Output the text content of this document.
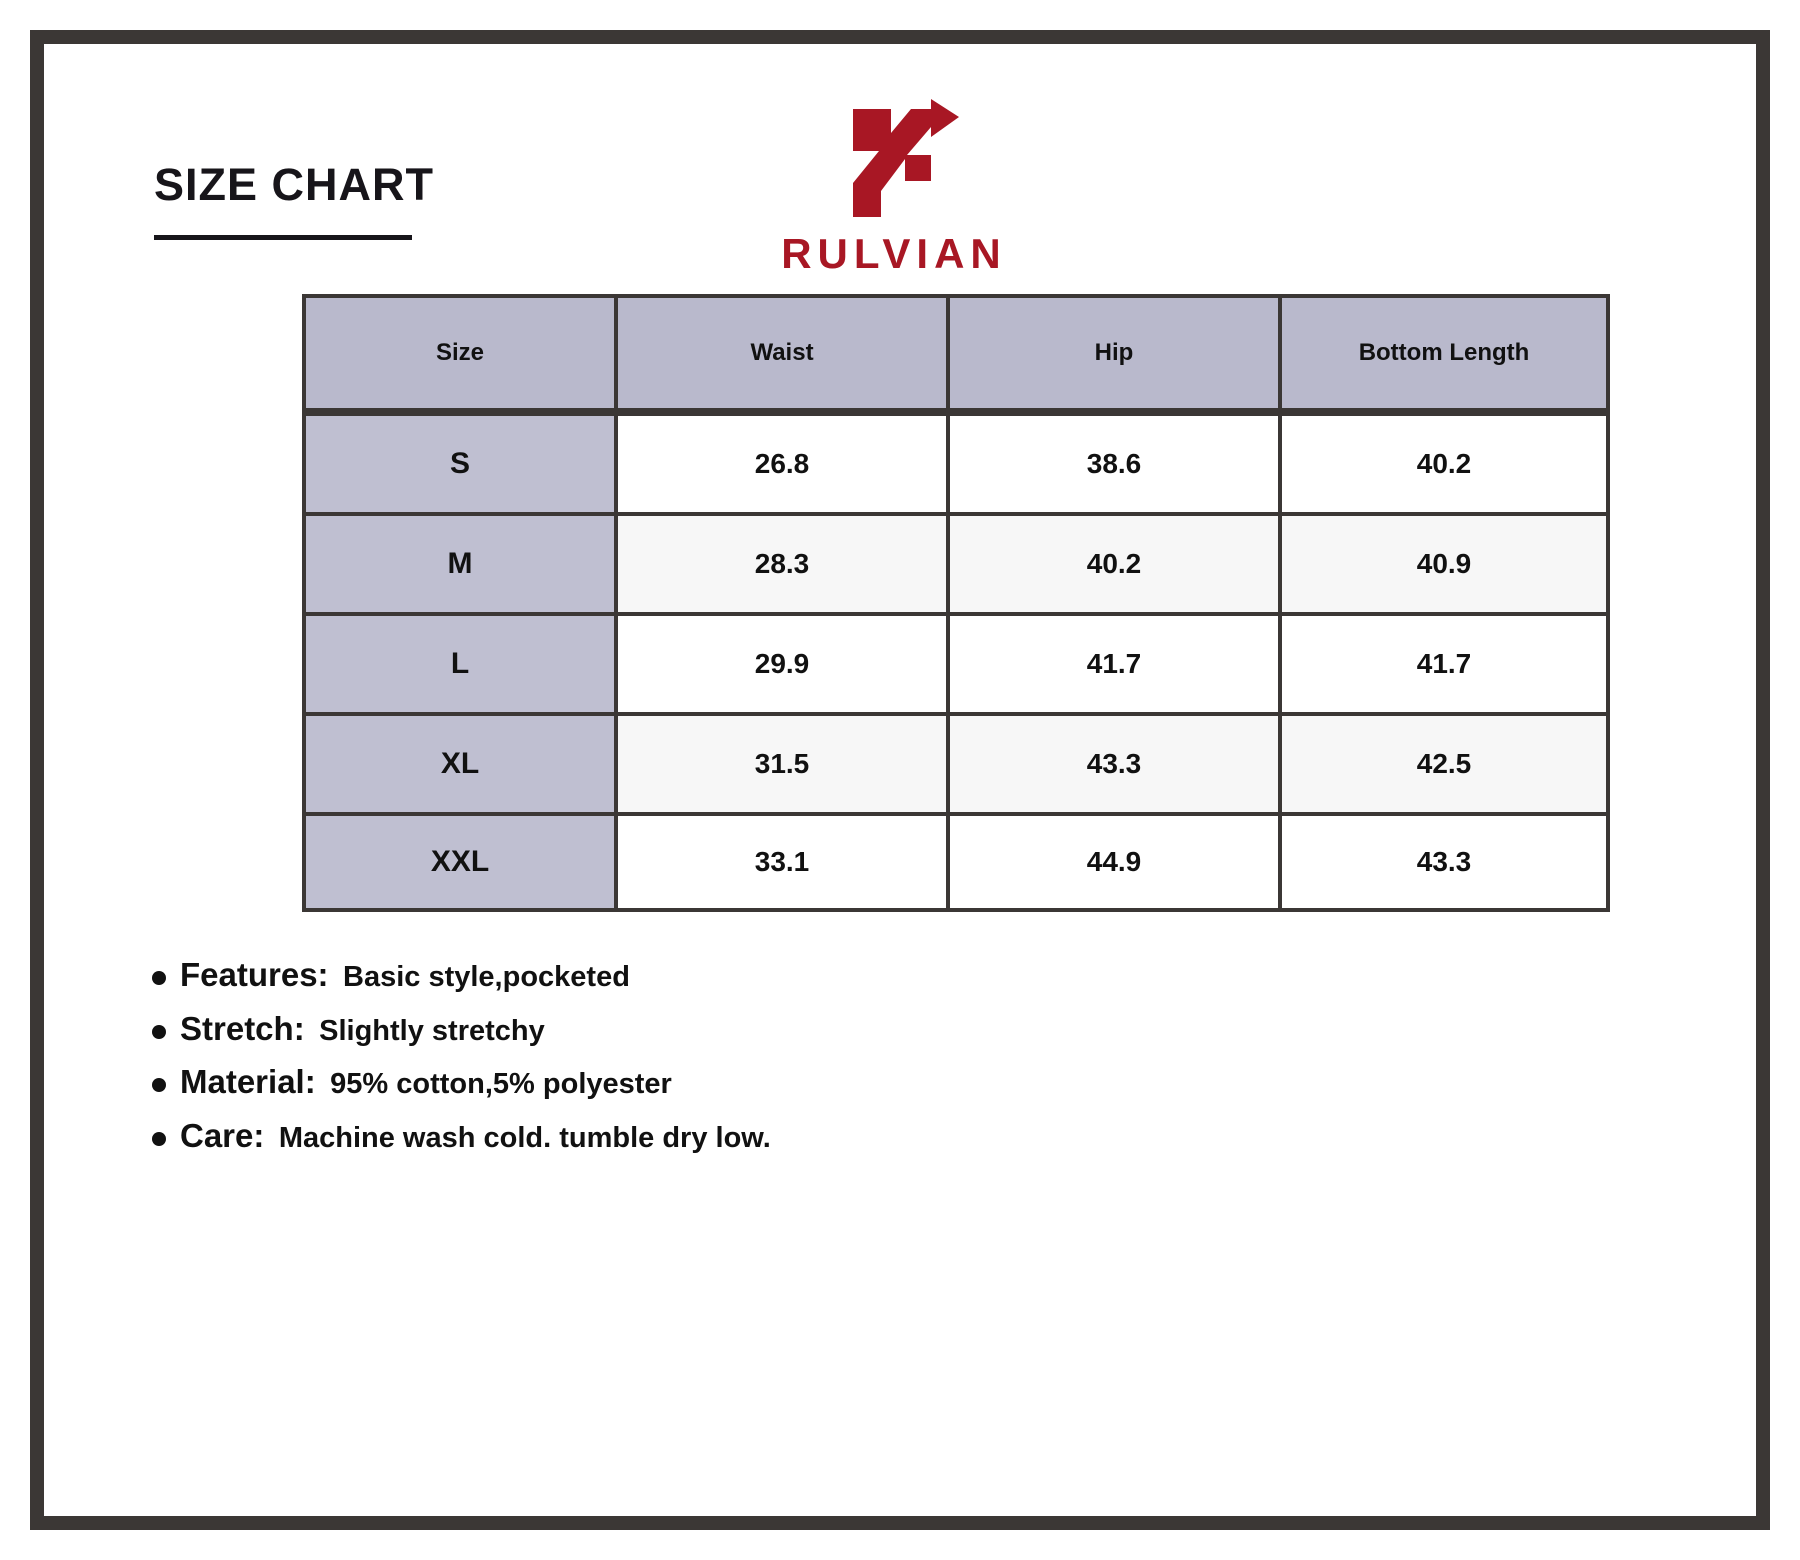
SIZE CHART
RULVIAN
Size	Waist	Hip	Bottom Length
S	26.8	38.6	40.2
M	28.3	40.2	40.9
L	29.9	41.7	41.7
XL	31.5	43.3	42.5
XXL	33.1	44.9	43.3
Features: Basic style,pocketed
Stretch: Slightly stretchy
Material: 95% cotton,5% polyester
Care: Machine wash cold. tumble dry low.
